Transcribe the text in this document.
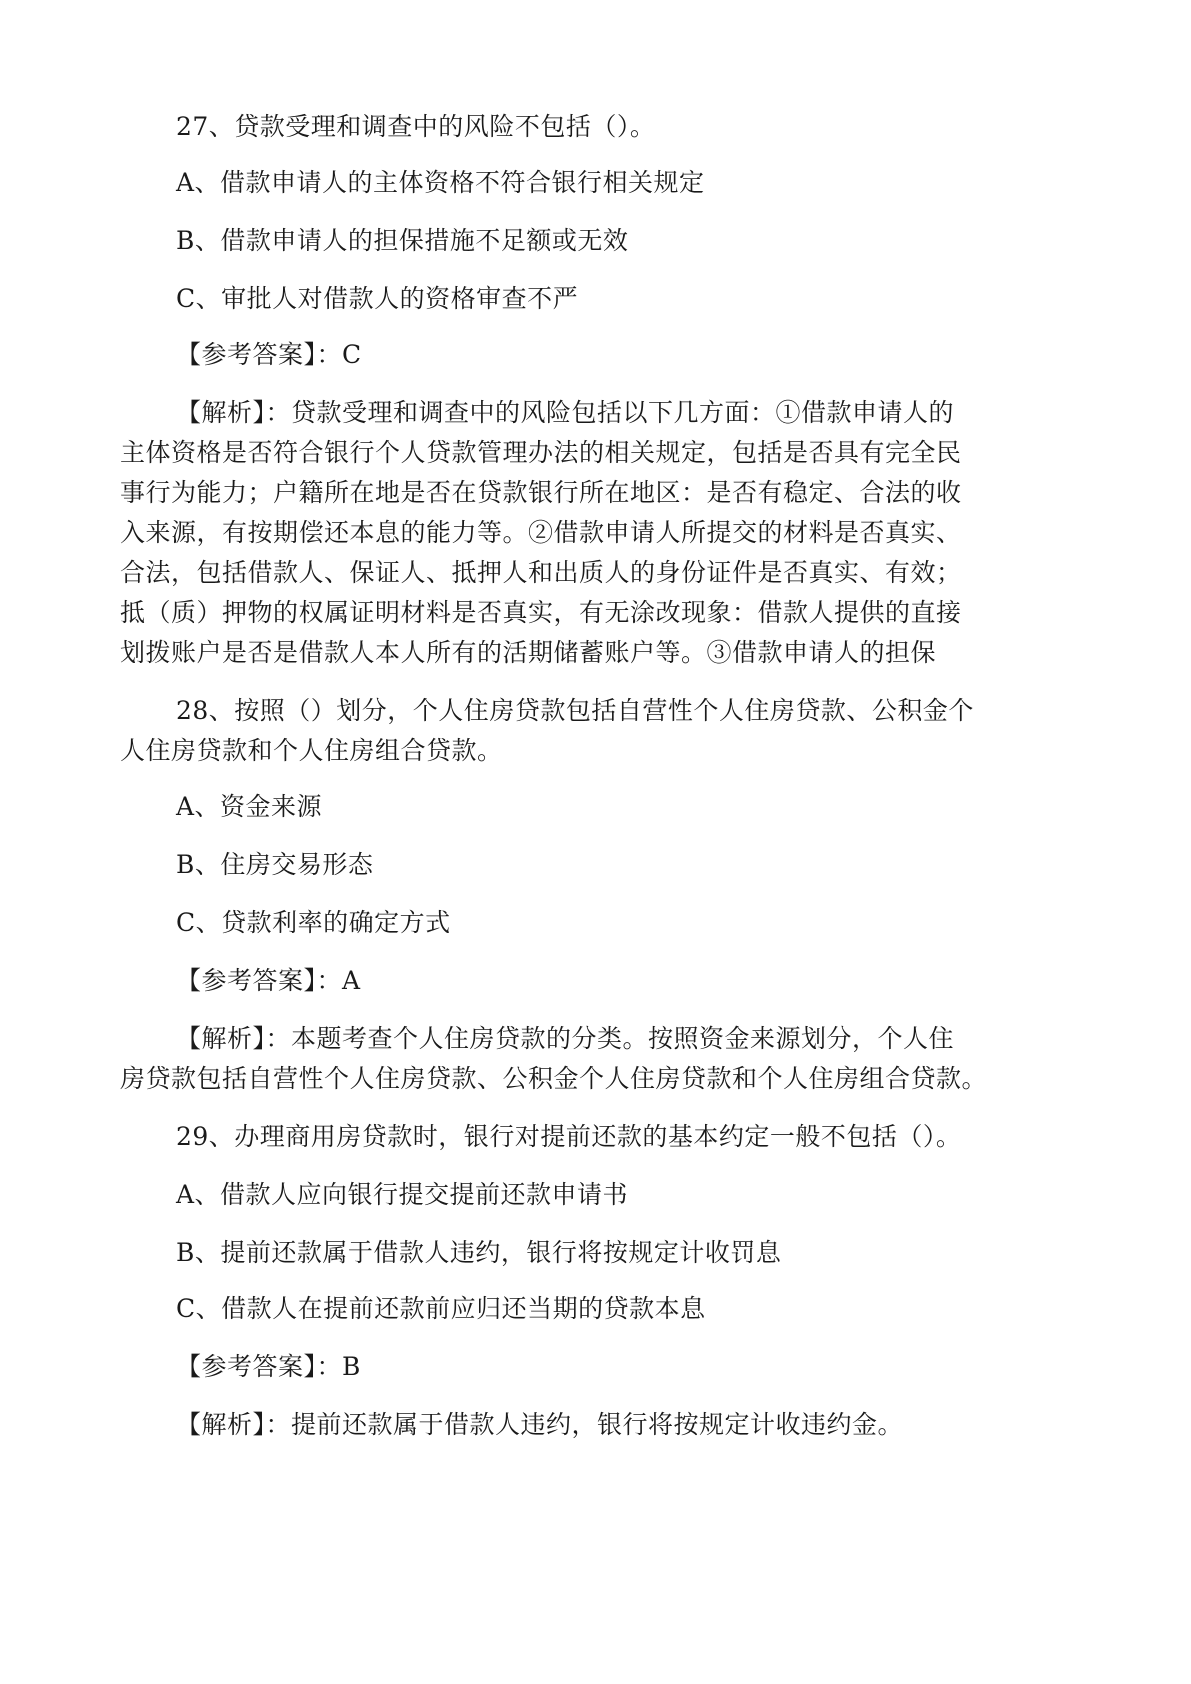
27、贷款受理和调查中的风险不包括（）。
A、借款申请人的主体资格不符合银行相关规定
B、借款申请人的担保措施不足额或无效
C、审批人对借款人的资格审查不严
【参考答案】：C
【解析】：贷款受理和调查中的风险包括以下几方面：①借款申请人的
主体资格是否符合银行个人贷款管理办法的相关规定，包括是否具有完全民
事行为能力；户籍所在地是否在贷款银行所在地区：是否有稳定、合法的收
入来源，有按期偿还本息的能力等。②借款申请人所提交的材料是否真实、
合法，包括借款人、保证人、抵押人和出质人的身份证件是否真实、有效；
抵（质）押物的权属证明材料是否真实，有无涂改现象：借款人提供的直接
划拨账户是否是借款人本人所有的活期储蓄账户等。③借款申请人的担保
28、按照（）划分，个人住房贷款包括自营性个人住房贷款、公积金个
人住房贷款和个人住房组合贷款。
A、资金来源
B、住房交易形态
C、贷款利率的确定方式
【参考答案】：A
【解析】：本题考查个人住房贷款的分类。按照资金来源划分，个人住
房贷款包括自营性个人住房贷款、公积金个人住房贷款和个人住房组合贷款。
29、办理商用房贷款时，银行对提前还款的基本约定一般不包括（）。
A、借款人应向银行提交提前还款申请书
B、提前还款属于借款人违约，银行将按规定计收罚息
C、借款人在提前还款前应归还当期的贷款本息
【参考答案】：B
【解析】：提前还款属于借款人违约，银行将按规定计收违约金。
